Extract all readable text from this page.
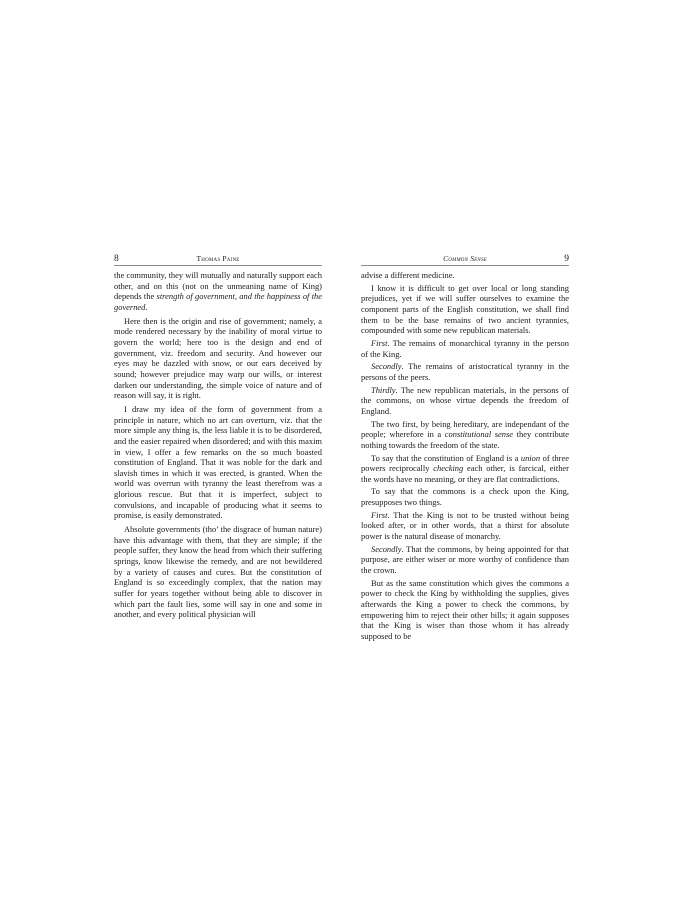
8	Thomas Paine

the community, they will mutually and naturally support each other, and on this (not on the unmeaning name of King) depends the strength of government, and the happiness of the governed.

Here then is the origin and rise of government; namely, a mode rendered necessary by the inability of moral virtue to govern the world; here too is the design and end of government, viz. freedom and security. And however our eyes may be dazzled with snow, or our ears deceived by sound; however prejudice may warp our wills, or interest darken our understanding, the simple voice of nature and of reason will say, it is right.

I draw my idea of the form of government from a principle in nature, which no art can overturn, viz. that the more simple any thing is, the less liable it is to be disordered, and the easier repaired when disordered; and with this maxim in view, I offer a few remarks on the so much boasted constitution of England. That it was noble for the dark and slavish times in which it was erected, is granted. When the world was overrun with tyranny the least therefrom was a glorious rescue. But that it is imperfect, subject to convulsions, and incapable of producing what it seems to promise, is easily demonstrated.

Absolute governments (tho’ the disgrace of human nature) have this advantage with them, that they are simple; if the people suffer, they know the head from which their suffering springs, know likewise the remedy, and are not bewildered by a variety of causes and cures. But the constitution of England is so exceedingly complex, that the nation may suffer for years together without being able to discover in which part the fault lies, some will say in one and some in another, and every political physician will

Common Sense	9

advise a different medicine.

I know it is difficult to get over local or long standing prejudices, yet if we will suffer ourselves to examine the component parts of the English constitution, we shall find them to be the base remains of two ancient tyrannies, compounded with some new republican materials.

First. The remains of monarchical tyranny in the person of the King.

Secondly. The remains of aristocratical tyranny in the persons of the peers.

Thirdly. The new republican materials, in the persons of the commons, on whose virtue depends the freedom of England.

The two first, by being hereditary, are independant of the people; wherefore in a constitutional sense they contribute nothing towards the freedom of the state.

To say that the constitution of England is a union of three powers reciprocally checking each other, is farcical, either the words have no meaning, or they are flat contradictions.

To say that the commons is a check upon the King, presupposes two things.

First. That the King is not to be trusted without being looked after, or in other words, that a thirst for absolute power is the natural disease of monarchy.

Secondly. That the commons, by being appointed for that purpose, are either wiser or more worthy of confidence than the crown.

But as the same constitution which gives the commons a power to check the King by withholding the supplies, gives afterwards the King a power to check the commons, by empowering him to reject their other bills; it again supposes that the King is wiser than those whom it has already supposed to be
